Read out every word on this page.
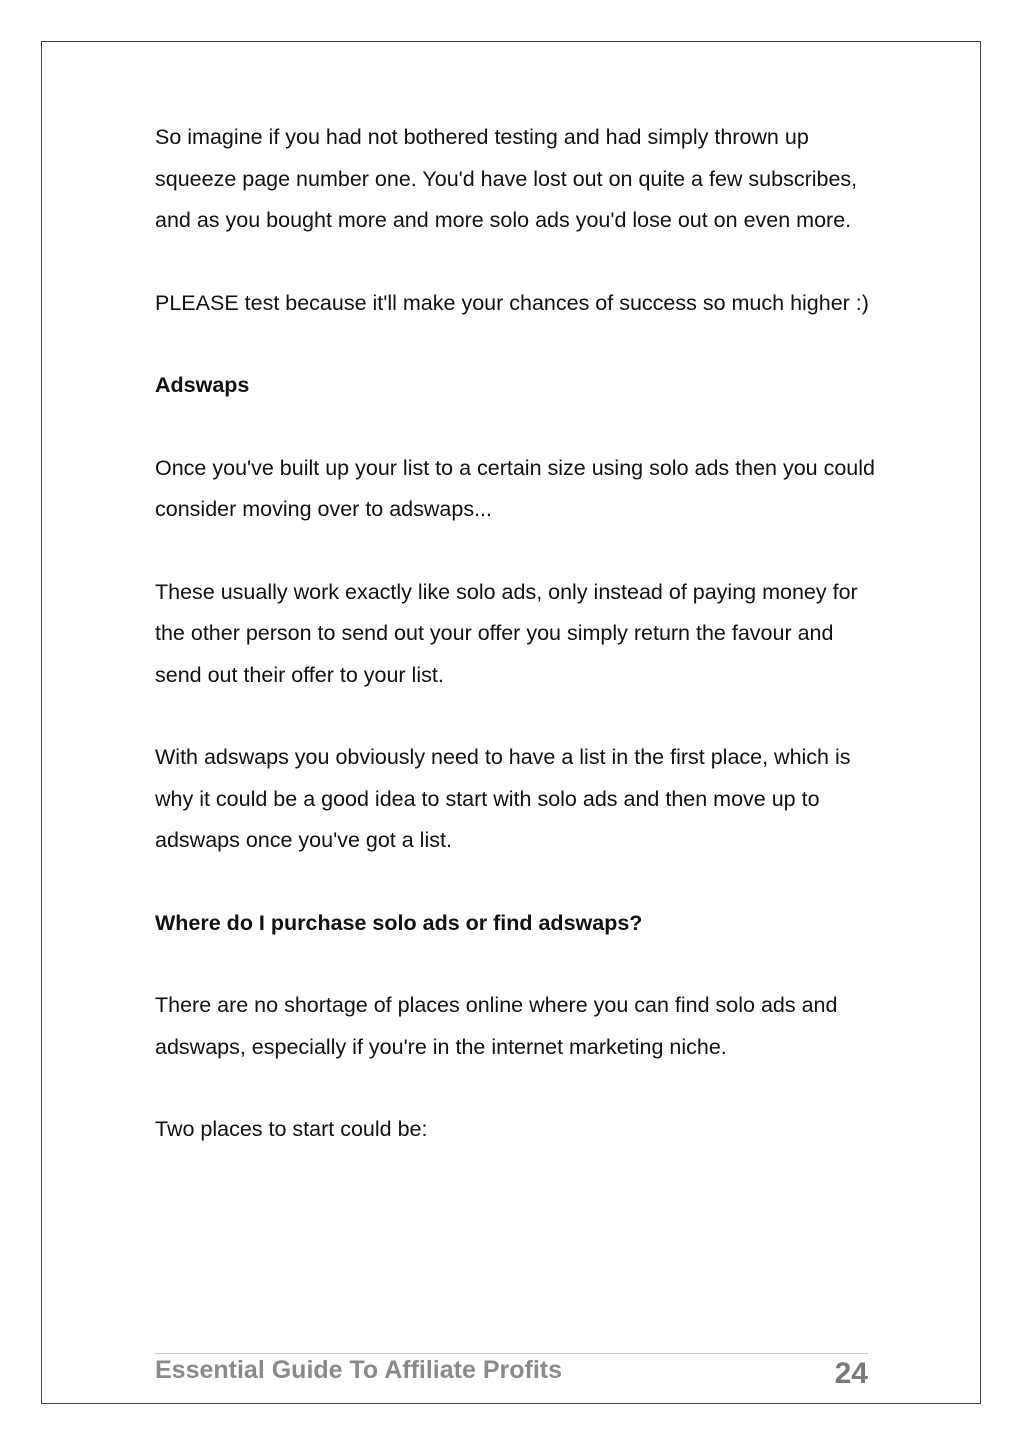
So imagine if you had not bothered testing and had simply thrown up squeeze page number one. You'd have lost out on quite a few subscribes, and as you bought more and more solo ads you'd lose out on even more.

PLEASE test because it'll make your chances of success so much higher :)

Adswaps

Once you've built up your list to a certain size using solo ads then you could consider moving over to adswaps...

These usually work exactly like solo ads, only instead of paying money for the other person to send out your offer you simply return the favour and send out their offer to your list.

With adswaps you obviously need to have a list in the first place, which is why it could be a good idea to start with solo ads and then move up to adswaps once you've got a list.

Where do I purchase solo ads or find adswaps?

There are no shortage of places online where you can find solo ads and adswaps, especially if you're in the internet marketing niche.

Two places to start could be:

Essential Guide To Affiliate Profits	24
